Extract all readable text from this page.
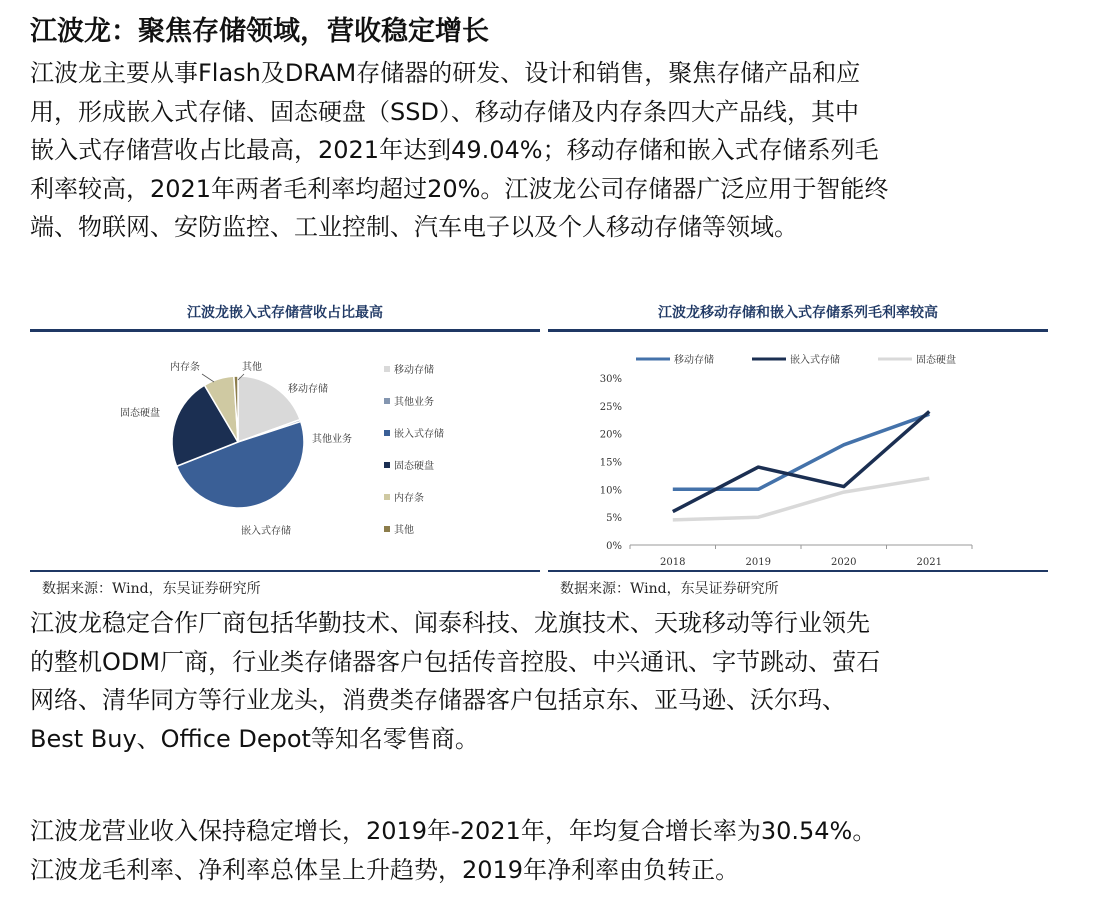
江波龙：聚焦存储领域，营收稳定增长
江波龙主要从事Flash及DRAM存储器的研发、设计和销售，聚焦存储产品和应
用，形成嵌入式存储、固态硬盘（SSD）、移动存储及内存条四大产品线，其中
嵌入式存储营收占比最高，2021年达到49.04%；移动存储和嵌入式存储系列毛
利率较高，2021年两者毛利率均超过20%。江波龙公司存储器广泛应用于智能终
端、物联网、安防监控、工业控制、汽车电子以及个人移动存储等领域。
江波龙嵌入式存储营收占比最高
移动存储
其他业务
嵌入式存储
固态硬盘
内存条	其他	移动存储
其他业务
嵌入式存储
固态硬盘
内存条
其他
数据来源：Wind，东吴证券研究所
江波龙移动存储和嵌入式存储系列毛利率较高
0%
5%
10%
15%
20%
25%
30%
2018	2019	2020	2021
移动存储	嵌入式存储	固态硬盘
数据来源：Wind，东吴证券研究所
江波龙稳定合作厂商包括华勤技术、闻泰科技、龙旗技术、天珑移动等行业领先
的整机ODM厂商，行业类存储器客户包括传音控股、中兴通讯、字节跳动、萤石
网络、清华同方等行业龙头，消费类存储器客户包括京东、亚马逊、沃尔玛、
Best Buy、Office Depot等知名零售商。
江波龙营业收入保持稳定增长，2019年-2021年，年均复合增长率为30.54%。
江波龙毛利率、净利率总体呈上升趋势，2019年净利率由负转正。
